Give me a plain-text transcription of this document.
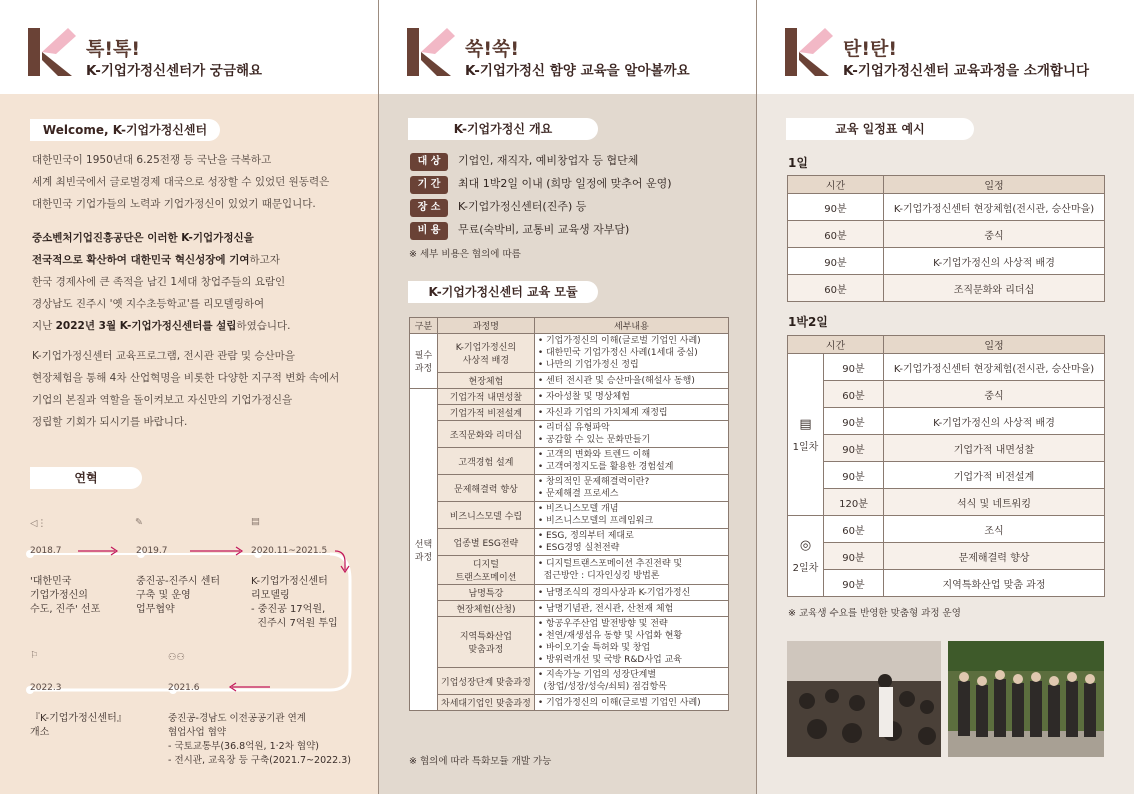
톡!톡!
K-기업가정신센터가 궁금해요
Welcome, K-기업가정신센터
대한민국이 1950년대 6.25전쟁 등 국난을 극복하고
세계 최빈국에서 글로벌경제 대국으로 성장할 수 있었던 원동력은
대한민국 기업가들의 노력과 기업가정신이 있었기 때문입니다.
중소벤처기업진흥공단은 이러한 K-기업가정신을
전국적으로 확산하여 대한민국 혁신성장에 기여하고자
한국 경제사에 큰 족적을 남긴 1세대 창업주들의 요람인
경상남도 진주시 '옛 지수초등학교'를 리모델링하여
지난 2022년 3월 K-기업가정신센터를 설립하였습니다.
K-기업가정신센터 교육프로그램, 전시관 관람 및 승산마을
현장체험을 통해 4차 산업혁명을 비롯한 다양한 지구적 변화 속에서
기업의 본질과 역할을 돌이켜보고 자신만의 기업가정신을
정립할 기회가 되시기를 바랍니다.
연혁
◁⋮	✎	▤
⚐	⚇⚇
2018.7	2019.7	2020.11~2021.5
2022.3	2021.6
'대한민국
기업가정신의
수도, 진주' 선포
중진공-진주시 센터
구축 및 운영
업무협약
K-기업가정신센터
리모델링
- 중진공 17억원,
진주시 7억원 투입
『K-기업가정신센터』
개소
중진공-경남도 이전공공기관 연계
협업사업 협약
- 국토교통부(36.8억원, 1·2차 협약)
- 전시관, 교육장 등 구축(2021.7~2022.3)
쑥!쑥!
K-기업가정신 함양 교육을 알아볼까요
K-기업가정신 개요
대 상 기업인, 재직자, 예비창업자 등 협단체
기 간 최대 1박2일 이내 (희망 일정에 맞추어 운영)
장 소 K-기업가정신센터(진주) 등
비 용 무료(숙박비, 교통비 교육생 자부담)
※ 세부 비용은 협의에 따름
K-기업가정신센터 교육 모듈
구분	과정명	세부내용
필수
과정	K-기업가정신의
사상적 배경	• 기업가정신의 이해(글로벌 기업인 사례)
• 대한민국 기업가정신 사례(1세대 중심)
• 나만의 기업가정신 정립
	현장체험	• 센터 전시관 및 승산마을(해설사 동행)
선택
과정	기업가적 내면성찰	• 자아성찰 및 명상체험
	기업가적 비전설계	• 자신과 기업의 가치체계 재정립
	조직문화와 리더십	• 리더십 유형파악
• 공감할 수 있는 문화만들기
	고객경험 설계	• 고객의 변화와 트렌드 이해
• 고객여정지도를 활용한 경험설계
	문제해결력 향상	• 창의적인 문제해결력이란?
• 문제해결 프로세스
	비즈니스모델 수립	• 비즈니스모델 개념
• 비즈니스모델의 프레임워크
	업종별 ESG전략	• ESG, 정의부터 제대로
• ESG경영 실천전략
	디지털
트랜스포메이션	• 디지털트랜스포메이션 추진전략 및
접근방안 : 디자인싱킹 방법론
	남명특강	• 남명조식의 경의사상과 K-기업가정신
	현장체험(산청)	• 남명기념관, 전시관, 산천재 체험
	지역특화산업
맞춤과정	• 항공우주산업 발전방향 및 전략
• 천연/재생섬유 동향 및 사업화 현황
• 바이오기술 특허와 및 창업
• 방위력개선 및 국방 R&D사업 교육
	기업성장단계 맞춤과정	• 지속가능 기업의 성장단계별
(창업/성장/성숙/쇠퇴) 점검항목
	차세대기업인 맞춤과정	• 기업가정신의 이해(글로벌 기업인 사례)
※ 협의에 따라 특화모듈 개발 가능
탄!탄!
K-기업가정신센터 교육과정을 소개합니다
교육 일정표 예시
1일
시간	일정
90분	K-기업가정신센터 현장체험(전시관, 승산마을)
60분	중식
90분	K-기업가정신의 사상적 배경
60분	조직문화와 리더십
1박2일
시간		일정

▤
1일차	90분	K-기업가정신센터 현장체험(전시관, 승산마을)
	60분	중식
	90분	K-기업가정신의 사상적 배경
	90분	기업가적 내면성찰
	90분	기업가적 비전설계
	120분	석식 및 네트워킹

◎
2일차	60분	조식
	90분	문제해결력 향상
	90분	지역특화산업 맞춤 과정
※ 교육생 수요를 반영한 맞춤형 과정 운영
